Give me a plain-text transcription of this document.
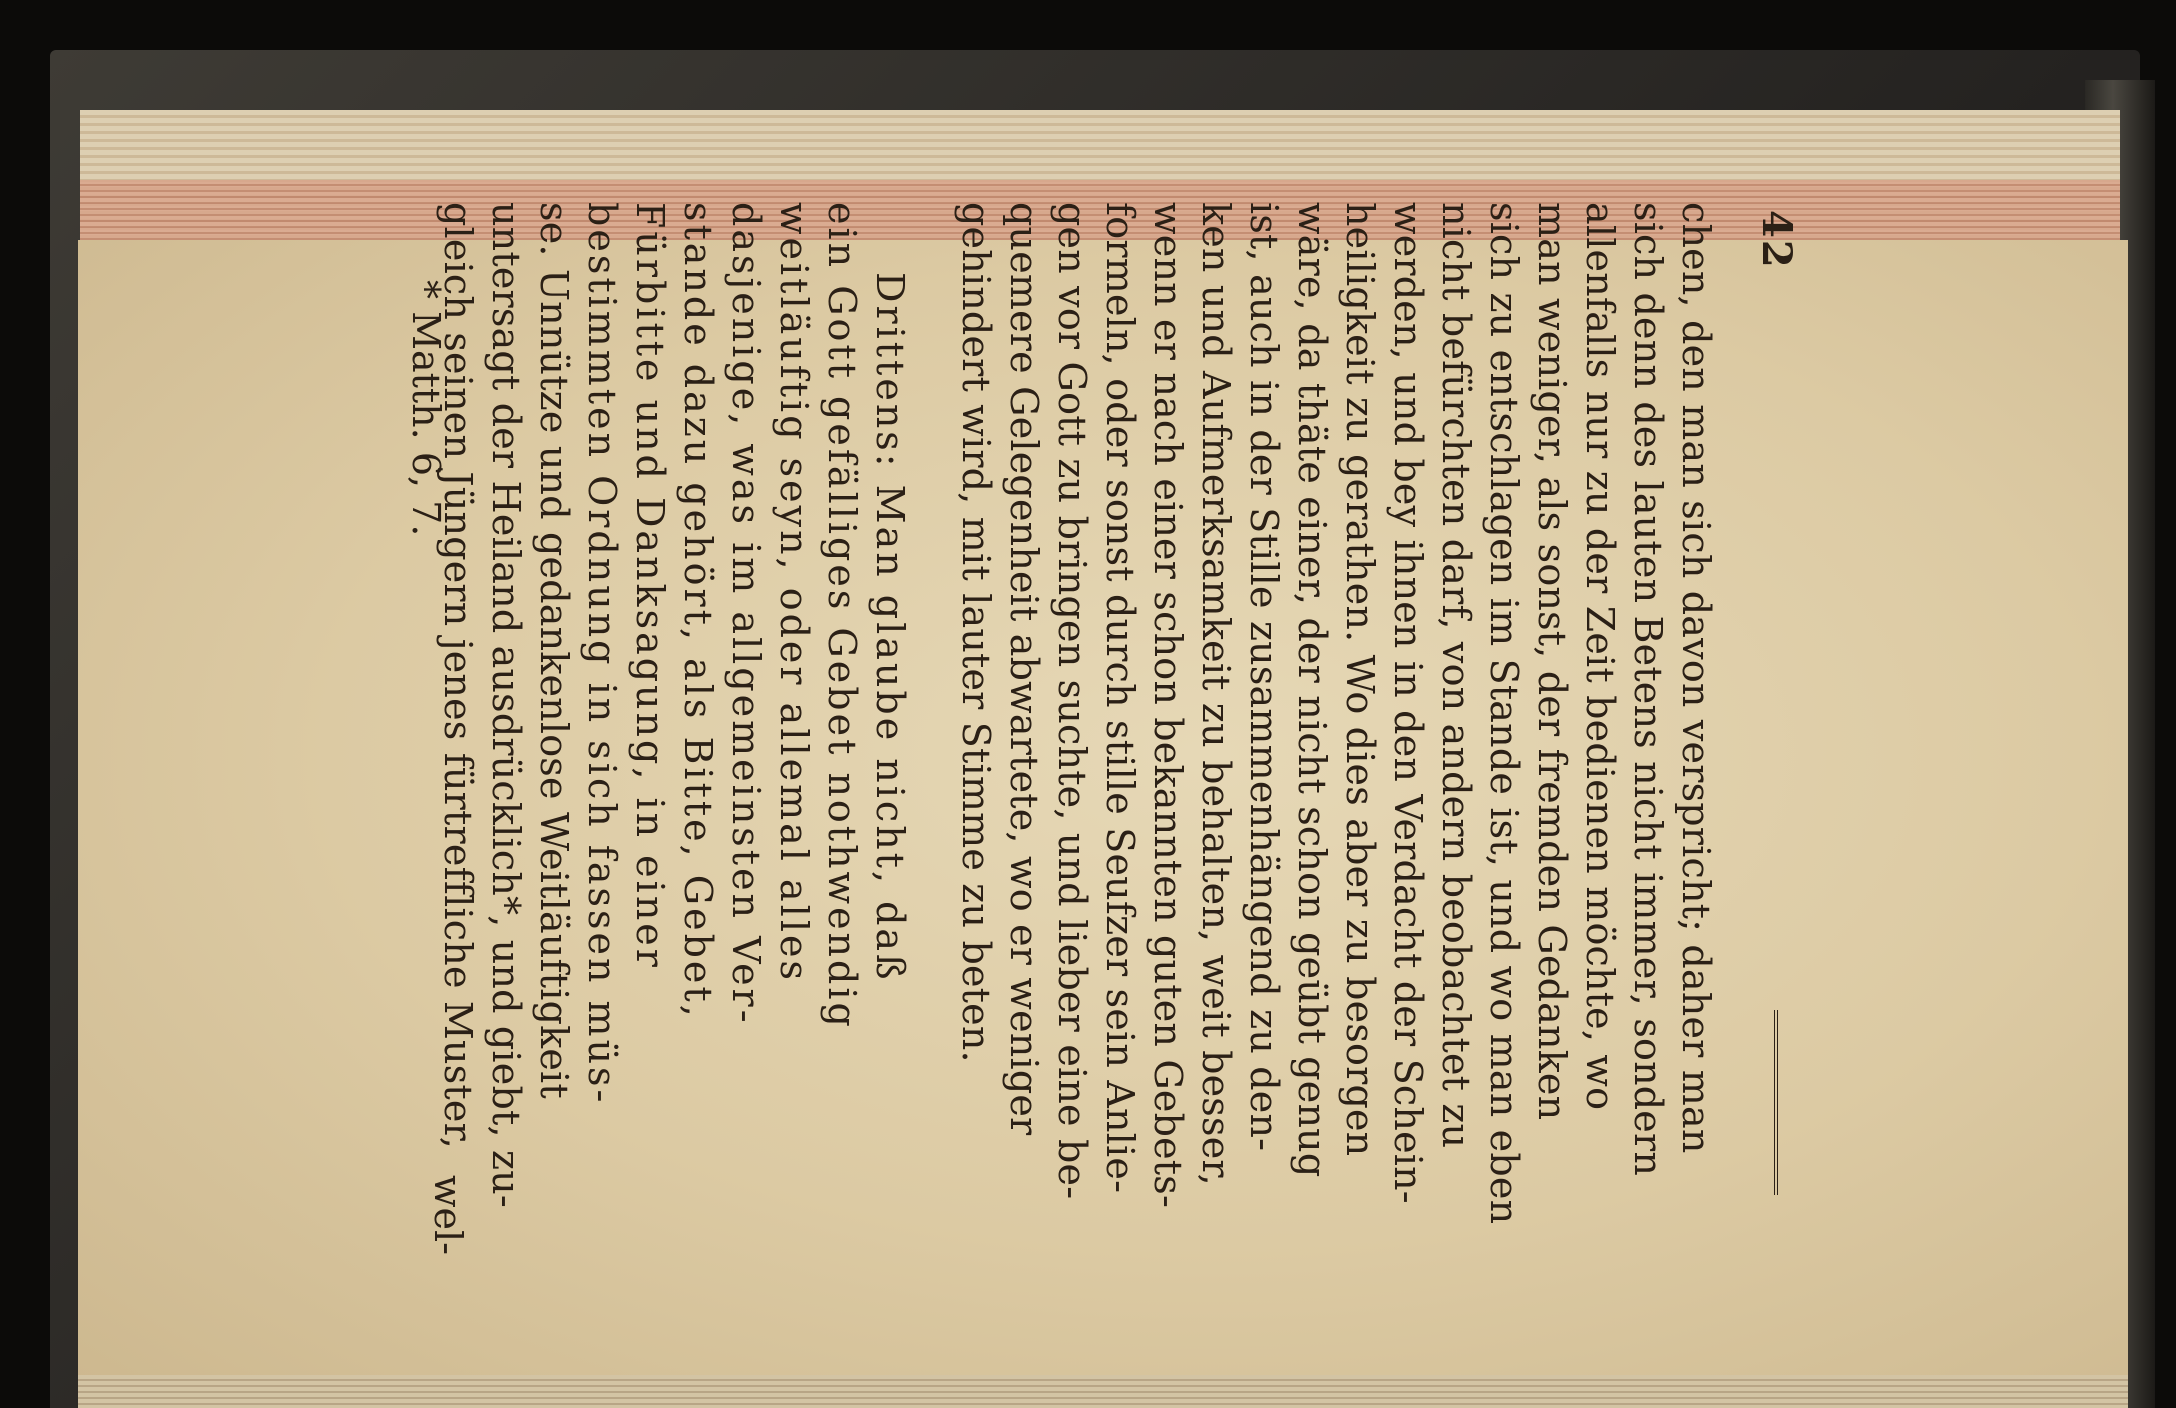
42
chen, den man sich davon verspricht; daher man
sich denn des lauten Betens nicht immer, sondern
allenfalls nur zu der Zeit bedienen möchte, wo
man weniger, als sonst, der fremden Gedanken
sich zu entschlagen im Stande ist, und wo man eben
nicht befürchten darf, von andern beobachtet zu
werden, und bey ihnen in den Verdacht der Schein-
heiligkeit zu gerathen. Wo dies aber zu besorgen
wäre, da thäte einer, der nicht schon geübt genug
ist, auch in der Stille zusammenhängend zu den-
ken und Aufmerksamkeit zu behalten, weit besser,
wenn er nach einer schon bekannten guten Gebets-
formeln, oder sonst durch stille Seufzer sein Anlie-
gen vor Gott zu bringen suchte, und lieber eine be-
quemere Gelegenheit abwartete, wo er weniger
gehindert wird, mit lauter Stimme zu beten.
Drittens: Man glaube nicht, daß
ein Gott gefälliges Gebet nothwendig
weitläuftig seyn, oder allemal alles
dasjenige, was im allgemeinsten Ver-
stande dazu gehört, als Bitte, Gebet,
Fürbitte und Danksagung, in einer
bestimmten Ordnung in sich fassen müs-
se. Unnütze und gedankenlose Weitläuftigkeit
untersagt der Heiland ausdrücklich*, und giebt, zu-
gleich seinen Jüngern jenes fürtreffliche Muster,
wel-
* Matth. 6, 7.
